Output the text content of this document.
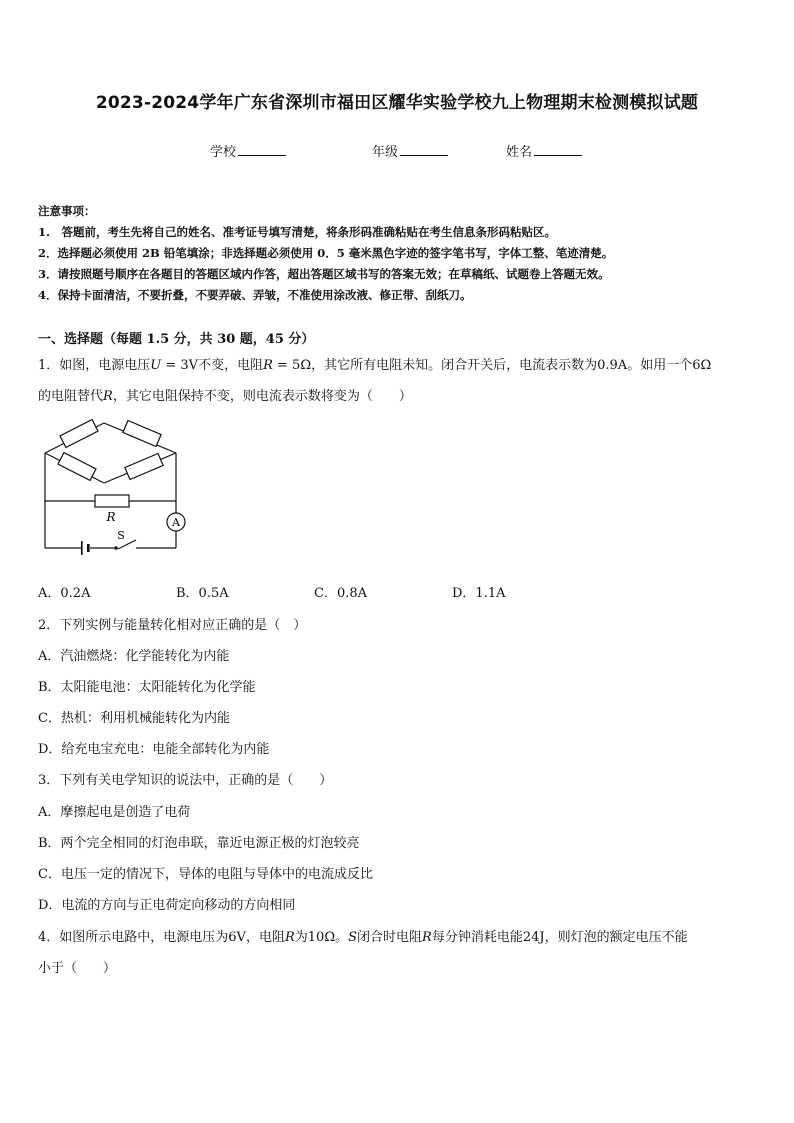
2023-2024学年广东省深圳市福田区耀华实验学校九上物理期末检测模拟试题
学校	年级	姓名
注意事项：
1.　答题前，考生先将自己的姓名、准考证号填写清楚，将条形码准确粘贴在考生信息条形码粘贴区。
2．选择题必须使用 2B 铅笔填涂；非选择题必须使用 0．5 毫米黑色字迹的签字笔书写，字体工整、笔迹清楚。
3．请按照题号顺序在各题目的答题区域内作答，超出答题区域书写的答案无效；在草稿纸、试题卷上答题无效。
4．保持卡面清洁，不要折叠，不要弄破、弄皱，不准使用涂改液、修正带、刮纸刀。
一、选择题（每题 1.5 分，共 30 题，45 分）
1．如图，电源电压U = 3V不变，电阻R = 5Ω，其它所有电阻未知。闭合开关后，电流表示数为0.9A。如用一个6Ω
的电阻替代R，其它电阻保持不变，则电流表示数将变为（　　）
R	A
S
A．0.2A	B．0.5A	C．0.8A	D．1.1A
2．下列实例与能量转化相对应正确的是（　）
A．汽油燃烧：化学能转化为内能
B．太阳能电池：太阳能转化为化学能
C．热机：利用机械能转化为内能
D．给充电宝充电：电能全部转化为内能
3．下列有关电学知识的说法中，正确的是（　　）
A．摩擦起电是创造了电荷
B．两个完全相同的灯泡串联，靠近电源正极的灯泡较亮
C．电压一定的情况下，导体的电阻与导体中的电流成反比
D．电流的方向与正电荷定向移动的方向相同
4．如图所示电路中，电源电压为6V，电阻R为10Ω。S闭合时电阻R每分钟消耗电能24J，则灯泡的额定电压不能
小于（　　）
